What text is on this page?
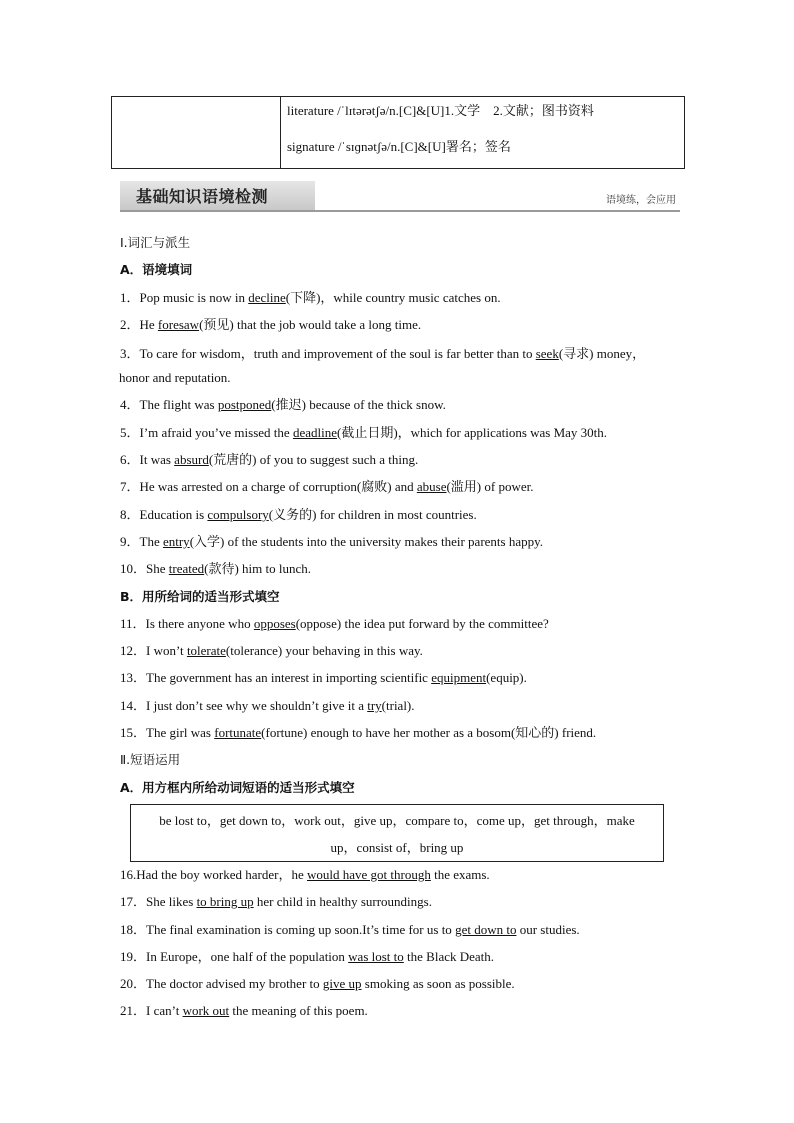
literature /ˈlɪtərətʃə/n.[C]&[U]1.文学　2.文献；图书资料
signature /ˈsɪɡnətʃə/n.[C]&[U]署名；签名
基础知识语境检测	语境练，会应用
Ⅰ.词汇与派生
A．语境填词
1．Pop music is now in decline(下降)，while country music catches on.
2．He foresaw(预见) that the job would take a long time.
3．To care for wisdom，truth and improvement of the soul is far better than to seek(寻求) money，
honor and reputation.
4．The flight was postponed(推迟) because of the thick snow.
5．I’m afraid you’ve missed the deadline(截止日期)，which for applications was May 30th.
6．It was absurd(荒唐的) of you to suggest such a thing.
7．He was arrested on a charge of corruption(腐败) and abuse(滥用) of power.
8．Education is compulsory(义务的) for children in most countries.
9．The entry(入学) of the students into the university makes their parents happy.
10．She treated(款待) him to lunch.
B．用所给词的适当形式填空
11．Is there anyone who opposes(oppose) the idea put forward by the committee?
12．I won’t tolerate(tolerance) your behaving in this way.
13．The government has an interest in importing scientific equipment(equip).
14．I just don’t see why we shouldn’t give it a try(trial).
15．The girl was fortunate(fortune) enough to have her mother as a bosom(知心的) friend.
Ⅱ.短语运用
A．用方框内所给动词短语的适当形式填空
be lost to，get down to，work out，give up，compare to，come up，get through，make
up，consist of，bring up
16.Had the boy worked harder，he would have got through the exams.
17．She likes to bring up her child in healthy surroundings.
18．The final examination is coming up soon.It’s time for us to get down to our studies.
19．In Europe，one half of the population was lost to the Black Death.
20．The doctor advised my brother to give up smoking as soon as possible.
21．I can’t work out the meaning of this poem.
